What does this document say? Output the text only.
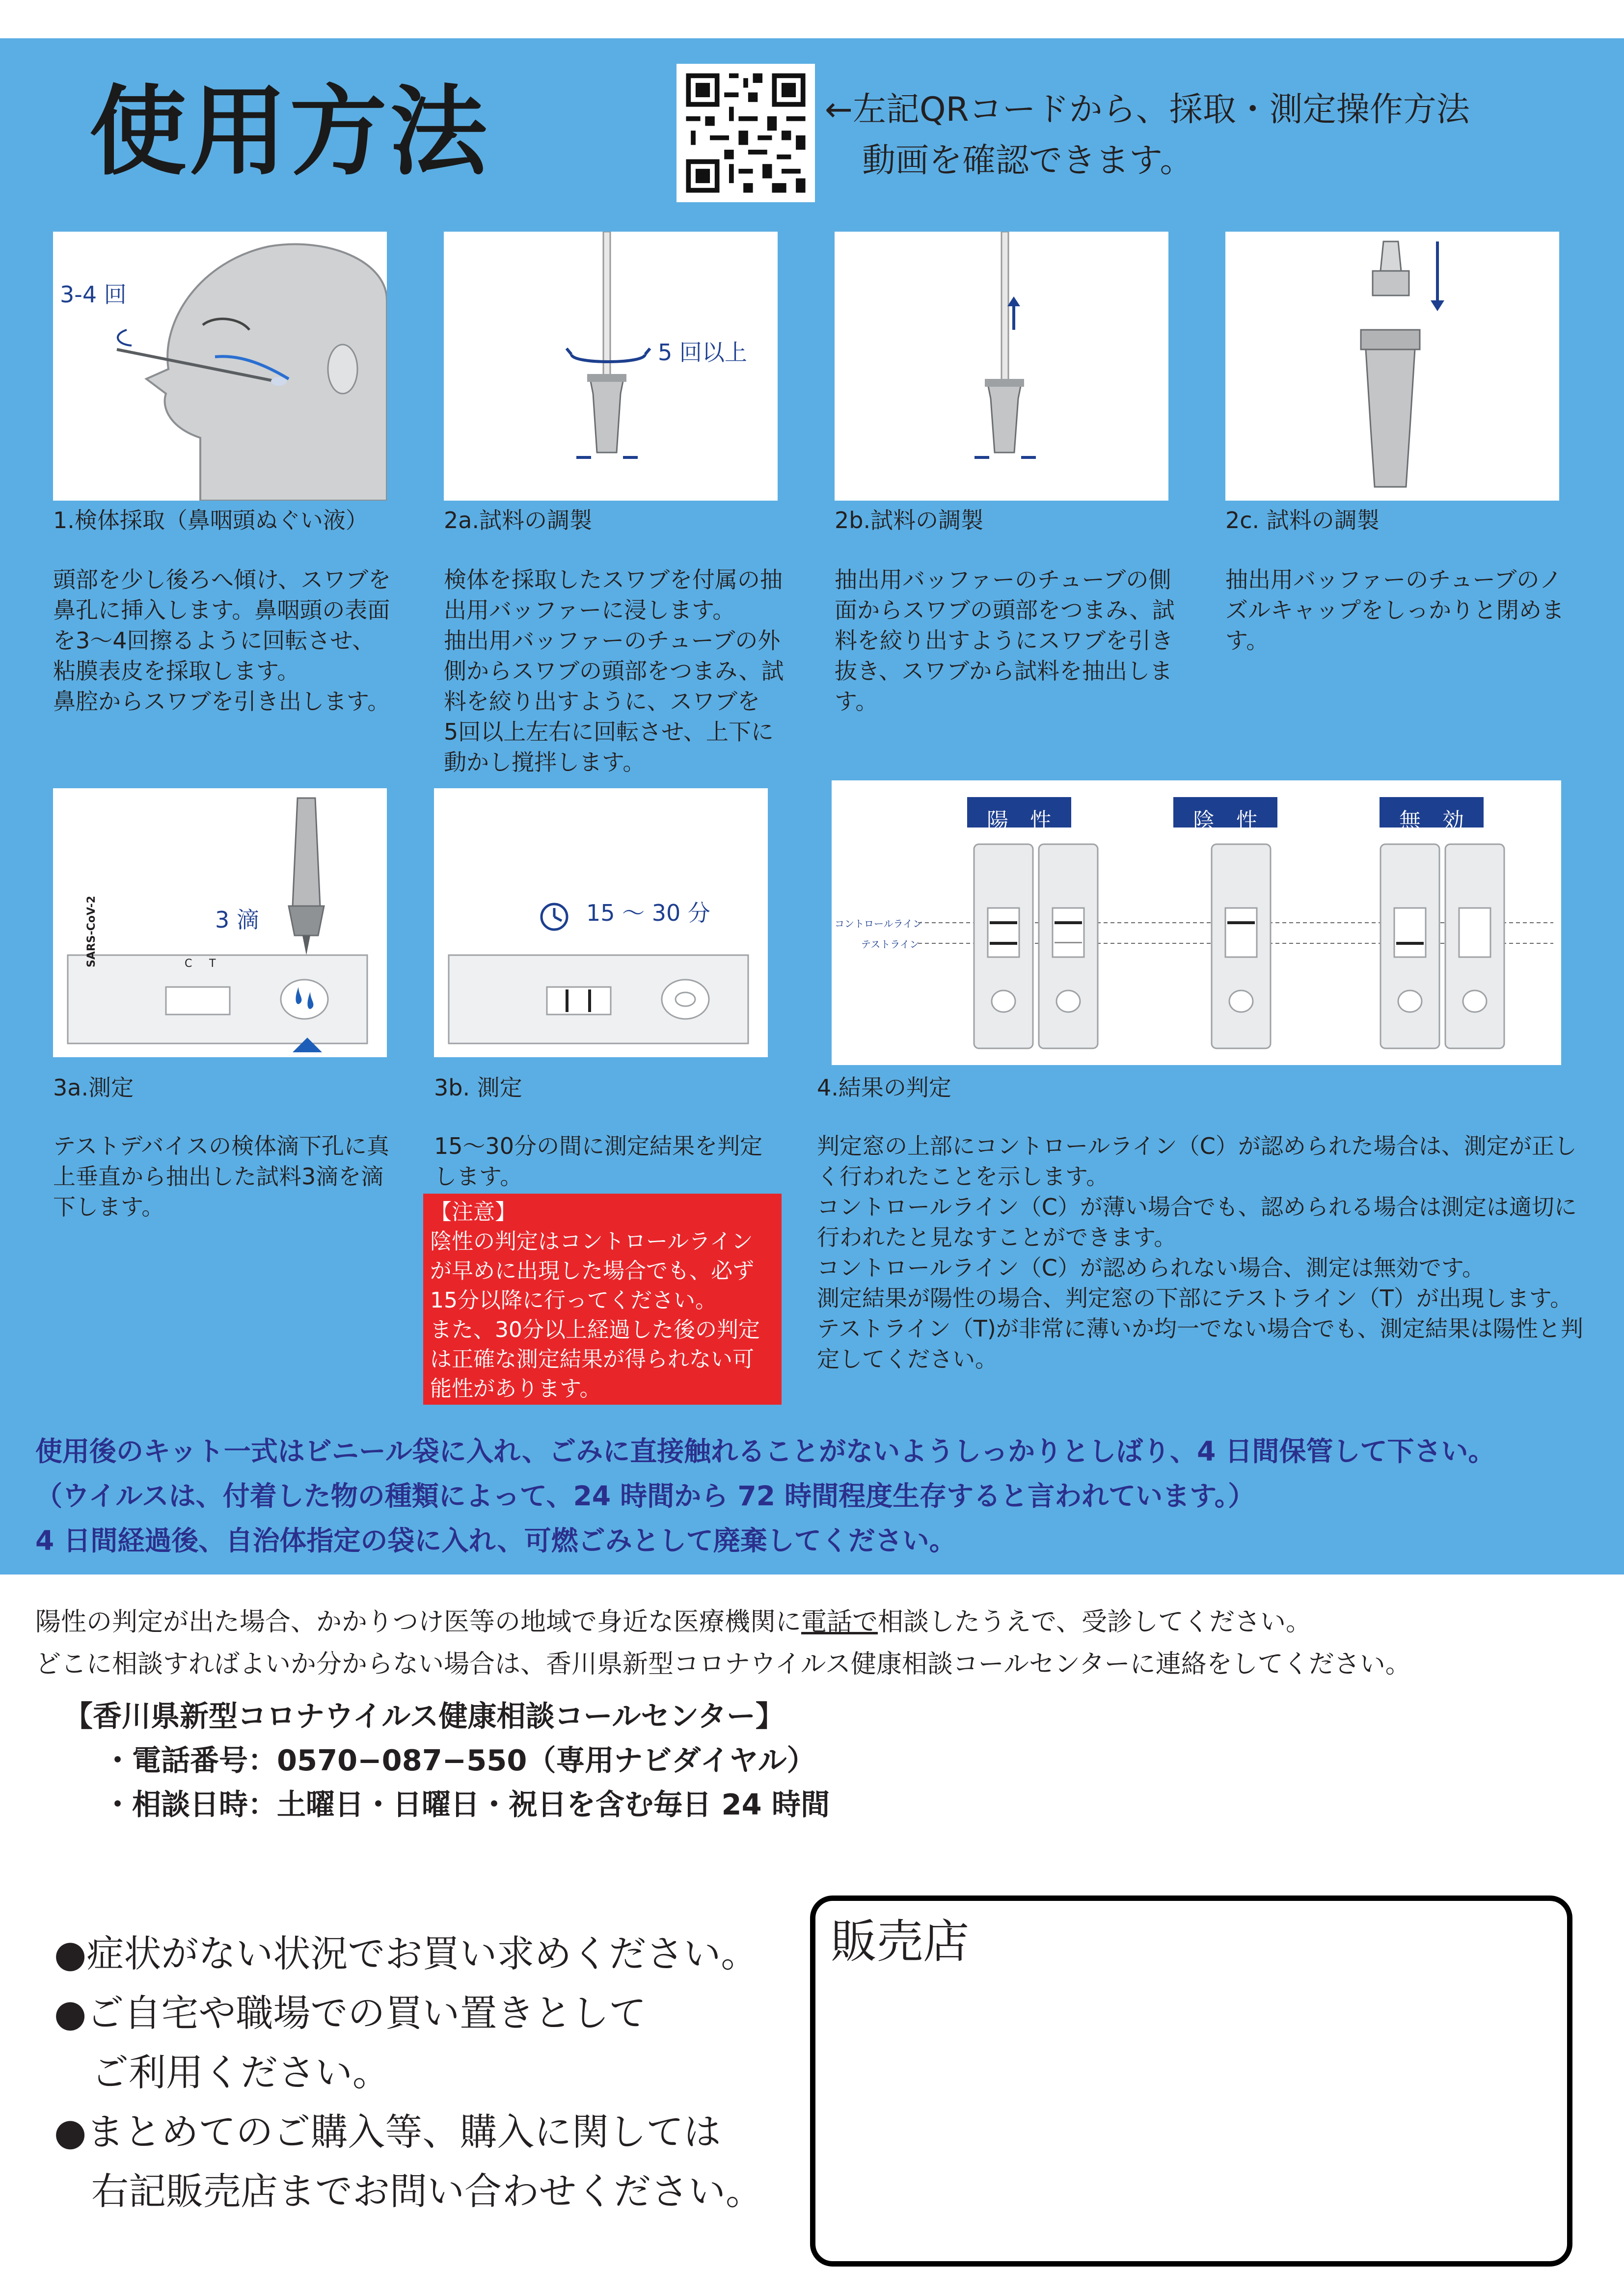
使用方法	←左記QRコードから、採取・測定操作方法
動画を確認できます。
3-4 回
1.検体採取（鼻咽頭ぬぐい液）
頭部を少し後ろへ傾け、スワブを
鼻孔に挿入します。鼻咽頭の表面
を3～4回擦るように回転させ、
粘膜表皮を採取します。
鼻腔からスワブを引き出します。
5 回以上
2a.試料の調製
検体を採取したスワブを付属の抽
出用バッファーに浸します。
抽出用バッファーのチューブの外
側からスワブの頭部をつまみ、試
料を絞り出すように、スワブを
5回以上左右に回転させ、上下に
動かし撹拌します。
2b.試料の調製
抽出用バッファーのチューブの側
面からスワブの頭部をつまみ、試
料を絞り出すようにスワブを引き
抜き、スワブから試料を抽出しま
す。
2c. 試料の調製
抽出用バッファーのチューブのノ
ズルキャップをしっかりと閉めま
す。
3 滴
SARS-CoV-2	C T
3a.測定
テストデバイスの検体滴下孔に真
上垂直から抽出した試料3滴を滴
下します。
15 ～ 30 分
3b. 測定
15～30分の間に測定結果を判定
します。
【注意】
陰性の判定はコントロールライン
が早めに出現した場合でも、必ず
15分以降に行ってください。
また、30分以上経過した後の判定
は正確な測定結果が得られない可
能性があります。
陽　性	陰　性	無　効
コントロールライン
テストライン
4.結果の判定
判定窓の上部にコントロールライン（C）が認められた場合は、測定が正し
く行われたことを示します。
コントロールライン（C）が薄い場合でも、認められる場合は測定は適切に
行われたと見なすことができます。
コントロールライン（C）が認められない場合、測定は無効です。
測定結果が陽性の場合、判定窓の下部にテストライン（T）が出現します。
テストライン（T)が非常に薄いか均一でない場合でも、測定結果は陽性と判
定してください。
使用後のキット一式はビニール袋に入れ、ごみに直接触れることがないようしっかりとしばり、4 日間保管して下さい。
（ウイルスは、付着した物の種類によって、24 時間から 72 時間程度生存すると言われています。）
4 日間経過後、自治体指定の袋に入れ、可燃ごみとして廃棄してください。
陽性の判定が出た場合、かかりつけ医等の地域で身近な医療機関に電話で相談したうえで、受診してください。
どこに相談すればよいか分からない場合は、香川県新型コロナウイルス健康相談コールセンターに連絡をしてください。
【香川県新型コロナウイルス健康相談コールセンター】
・電話番号：0570−087−550（専用ナビダイヤル）
・相談日時：土曜日・日曜日・祝日を含む毎日 24 時間
●症状がない状況でお買い求めください。
●ご自宅や職場での買い置きとして
　ご利用ください。
●まとめてのご購入等、購入に関しては
　右記販売店までお問い合わせください。
販売店
